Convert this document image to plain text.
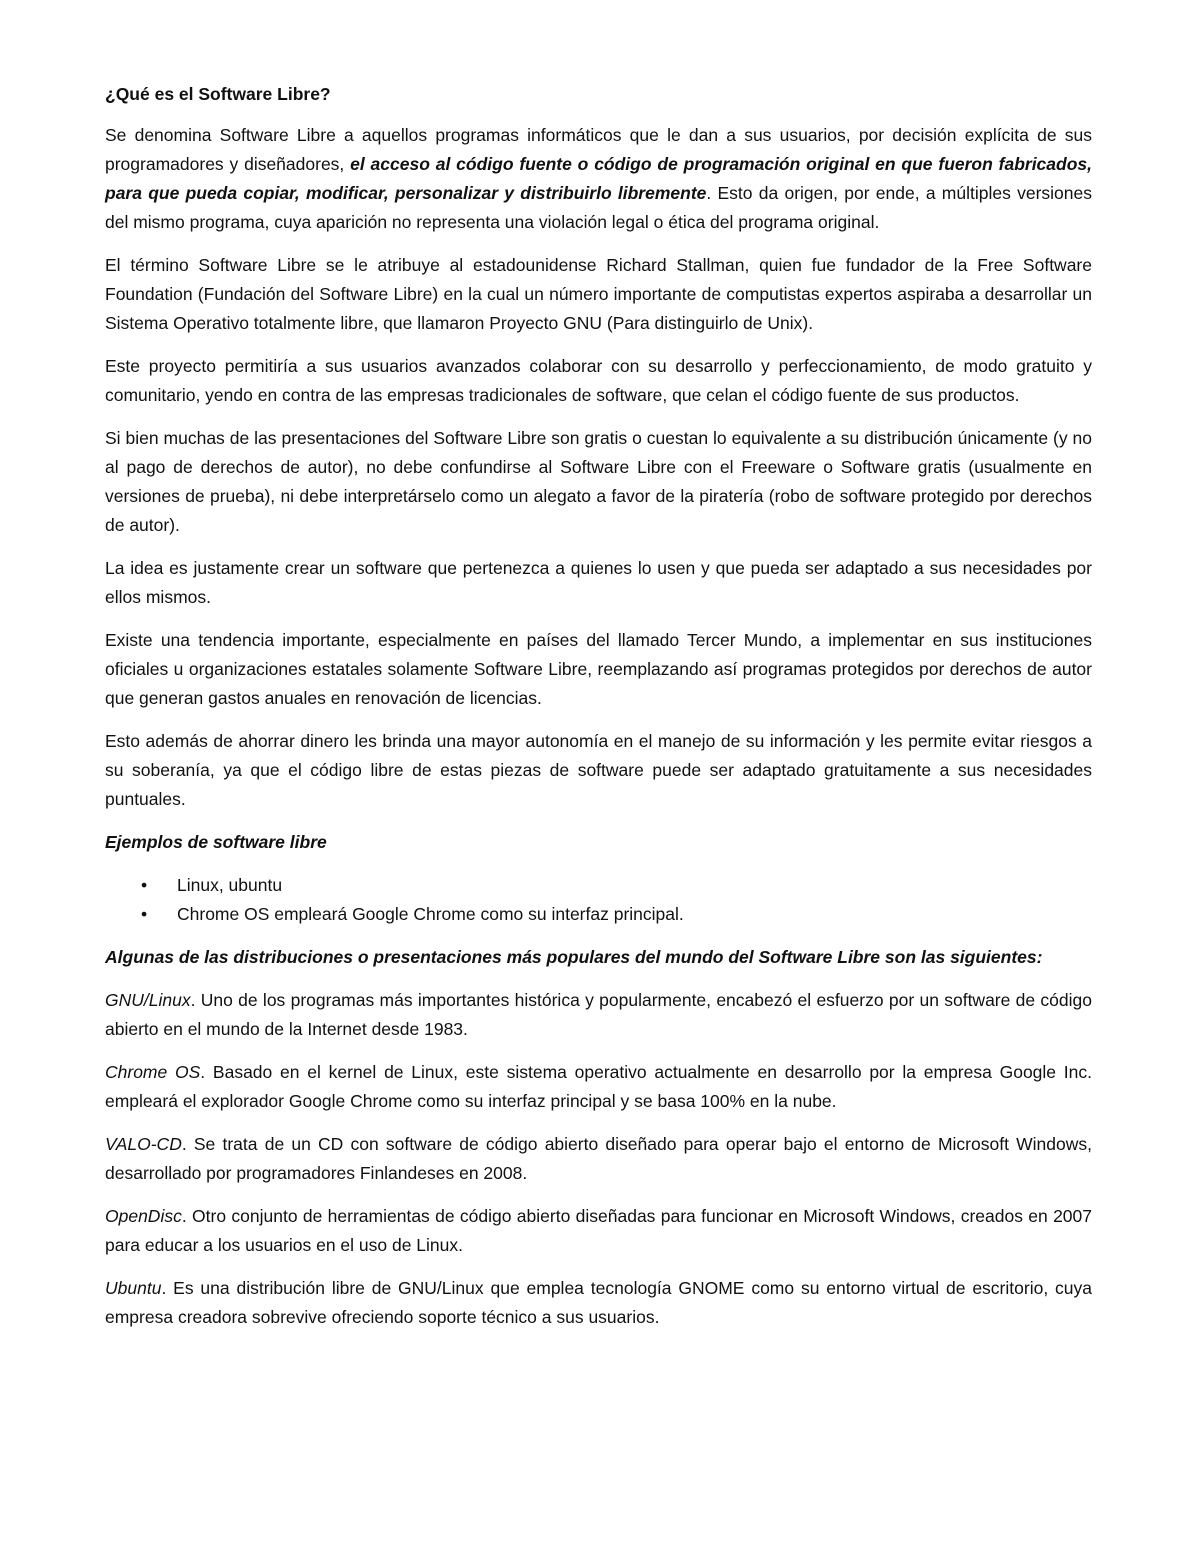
¿Qué es el Software Libre?

Se denomina Software Libre a aquellos programas informáticos que le dan a sus usuarios, por decisión explícita de sus programadores y diseñadores, el acceso al código fuente o código de programación original en que fueron fabricados, para que pueda copiar, modificar, personalizar y distribuirlo libremente. Esto da origen, por ende, a múltiples versiones del mismo programa, cuya aparición no representa una violación legal o ética del programa original.

El término Software Libre se le atribuye al estadounidense Richard Stallman, quien fue fundador de la Free Software Foundation (Fundación del Software Libre) en la cual un número importante de computistas expertos aspiraba a desarrollar un Sistema Operativo totalmente libre, que llamaron Proyecto GNU (Para distinguirlo de Unix).

Este proyecto permitiría a sus usuarios avanzados colaborar con su desarrollo y perfeccionamiento, de modo gratuito y comunitario, yendo en contra de las empresas tradicionales de software, que celan el código fuente de sus productos.

Si bien muchas de las presentaciones del Software Libre son gratis o cuestan lo equivalente a su distribución únicamente (y no al pago de derechos de autor), no debe confundirse al Software Libre con el Freeware o Software gratis (usualmente en versiones de prueba), ni debe interpretárselo como un alegato a favor de la piratería (robo de software protegido por derechos de autor).

La idea es justamente crear un software que pertenezca a quienes lo usen y que pueda ser adaptado a sus necesidades por ellos mismos.

Existe una tendencia importante, especialmente en países del llamado Tercer Mundo, a implementar en sus instituciones oficiales u organizaciones estatales solamente Software Libre, reemplazando así programas protegidos por derechos de autor que generan gastos anuales en renovación de licencias.

Esto además de ahorrar dinero les brinda una mayor autonomía en el manejo de su información y les permite evitar riesgos a su soberanía, ya que el código libre de estas piezas de software puede ser adaptado gratuitamente a sus necesidades puntuales.

Ejemplos de software libre

• Linux, ubuntu
• Chrome OS empleará Google Chrome como su interfaz principal.

Algunas de las distribuciones o presentaciones más populares del mundo del Software Libre son las siguientes:

GNU/Linux. Uno de los programas más importantes histórica y popularmente, encabezó el esfuerzo por un software de código abierto en el mundo de la Internet desde 1983.

Chrome OS. Basado en el kernel de Linux, este sistema operativo actualmente en desarrollo por la empresa Google Inc. empleará el explorador Google Chrome como su interfaz principal y se basa 100% en la nube.

VALO-CD. Se trata de un CD con software de código abierto diseñado para operar bajo el entorno de Microsoft Windows, desarrollado por programadores Finlandeses en 2008.

OpenDisc. Otro conjunto de herramientas de código abierto diseñadas para funcionar en Microsoft Windows, creados en 2007 para educar a los usuarios en el uso de Linux.

Ubuntu. Es una distribución libre de GNU/Linux que emplea tecnología GNOME como su entorno virtual de escritorio, cuya empresa creadora sobrevive ofreciendo soporte técnico a sus usuarios.
